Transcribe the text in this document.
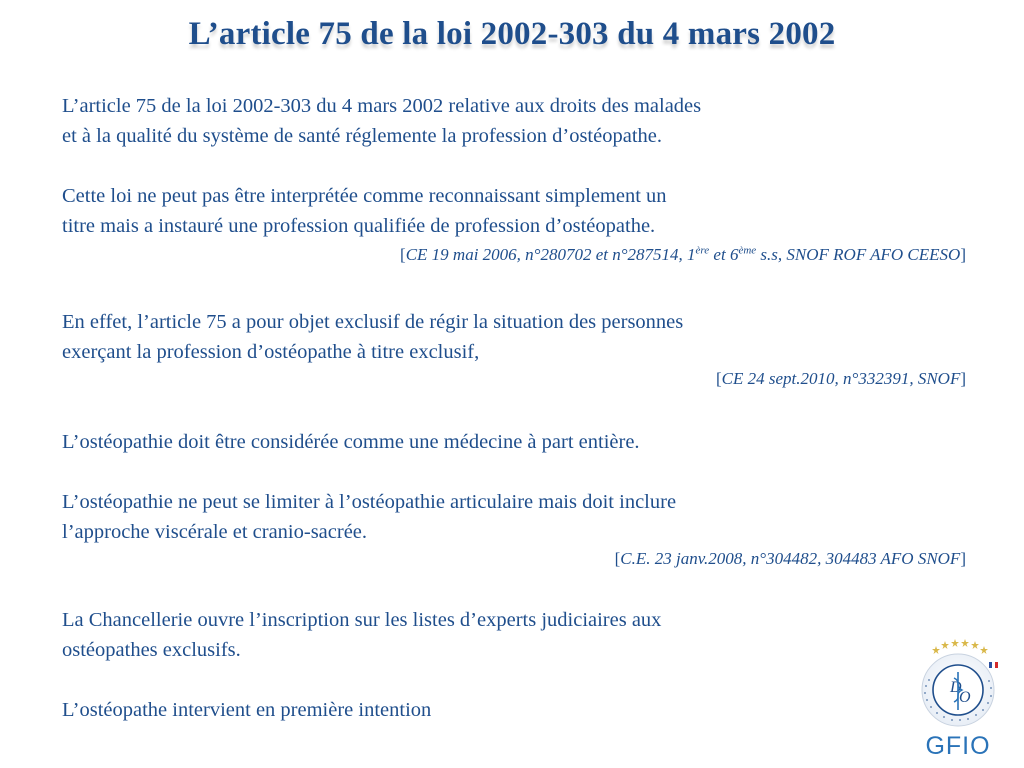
L’article 75 de la loi 2002-303 du 4 mars 2002

L’article 75 de la loi 2002-303 du 4 mars 2002 relative aux droits des malades

et à la qualité du système de santé réglemente la profession d’ostéopathe.

Cette loi ne peut pas être interprétée comme reconnaissant simplement un

titre mais a instauré une profession qualifiée de profession d’ostéopathe.

[CE 19 mai 2006, n°280702 et n°287514, 1ère et 6ème s.s, SNOF ROF AFO CEESO]

En effet, l’article 75 a pour objet exclusif de régir la situation des personnes

exerçant la profession d’ostéopathe à titre exclusif,

[CE 24 sept.2010, n°332391, SNOF]

L’ostéopathie doit être considérée comme une médecine à part entière.

L’ostéopathie ne peut se limiter à l’ostéopathie articulaire mais doit inclure

l’approche viscérale et cranio-sacrée.

[C.E. 23 janv.2008, n°304482, 304483 AFO SNOF]

La Chancellerie ouvre l’inscription sur les listes d’experts judiciaires aux

ostéopathes exclusifs.

L’ostéopathe intervient en première intention

D
O
GFIO
